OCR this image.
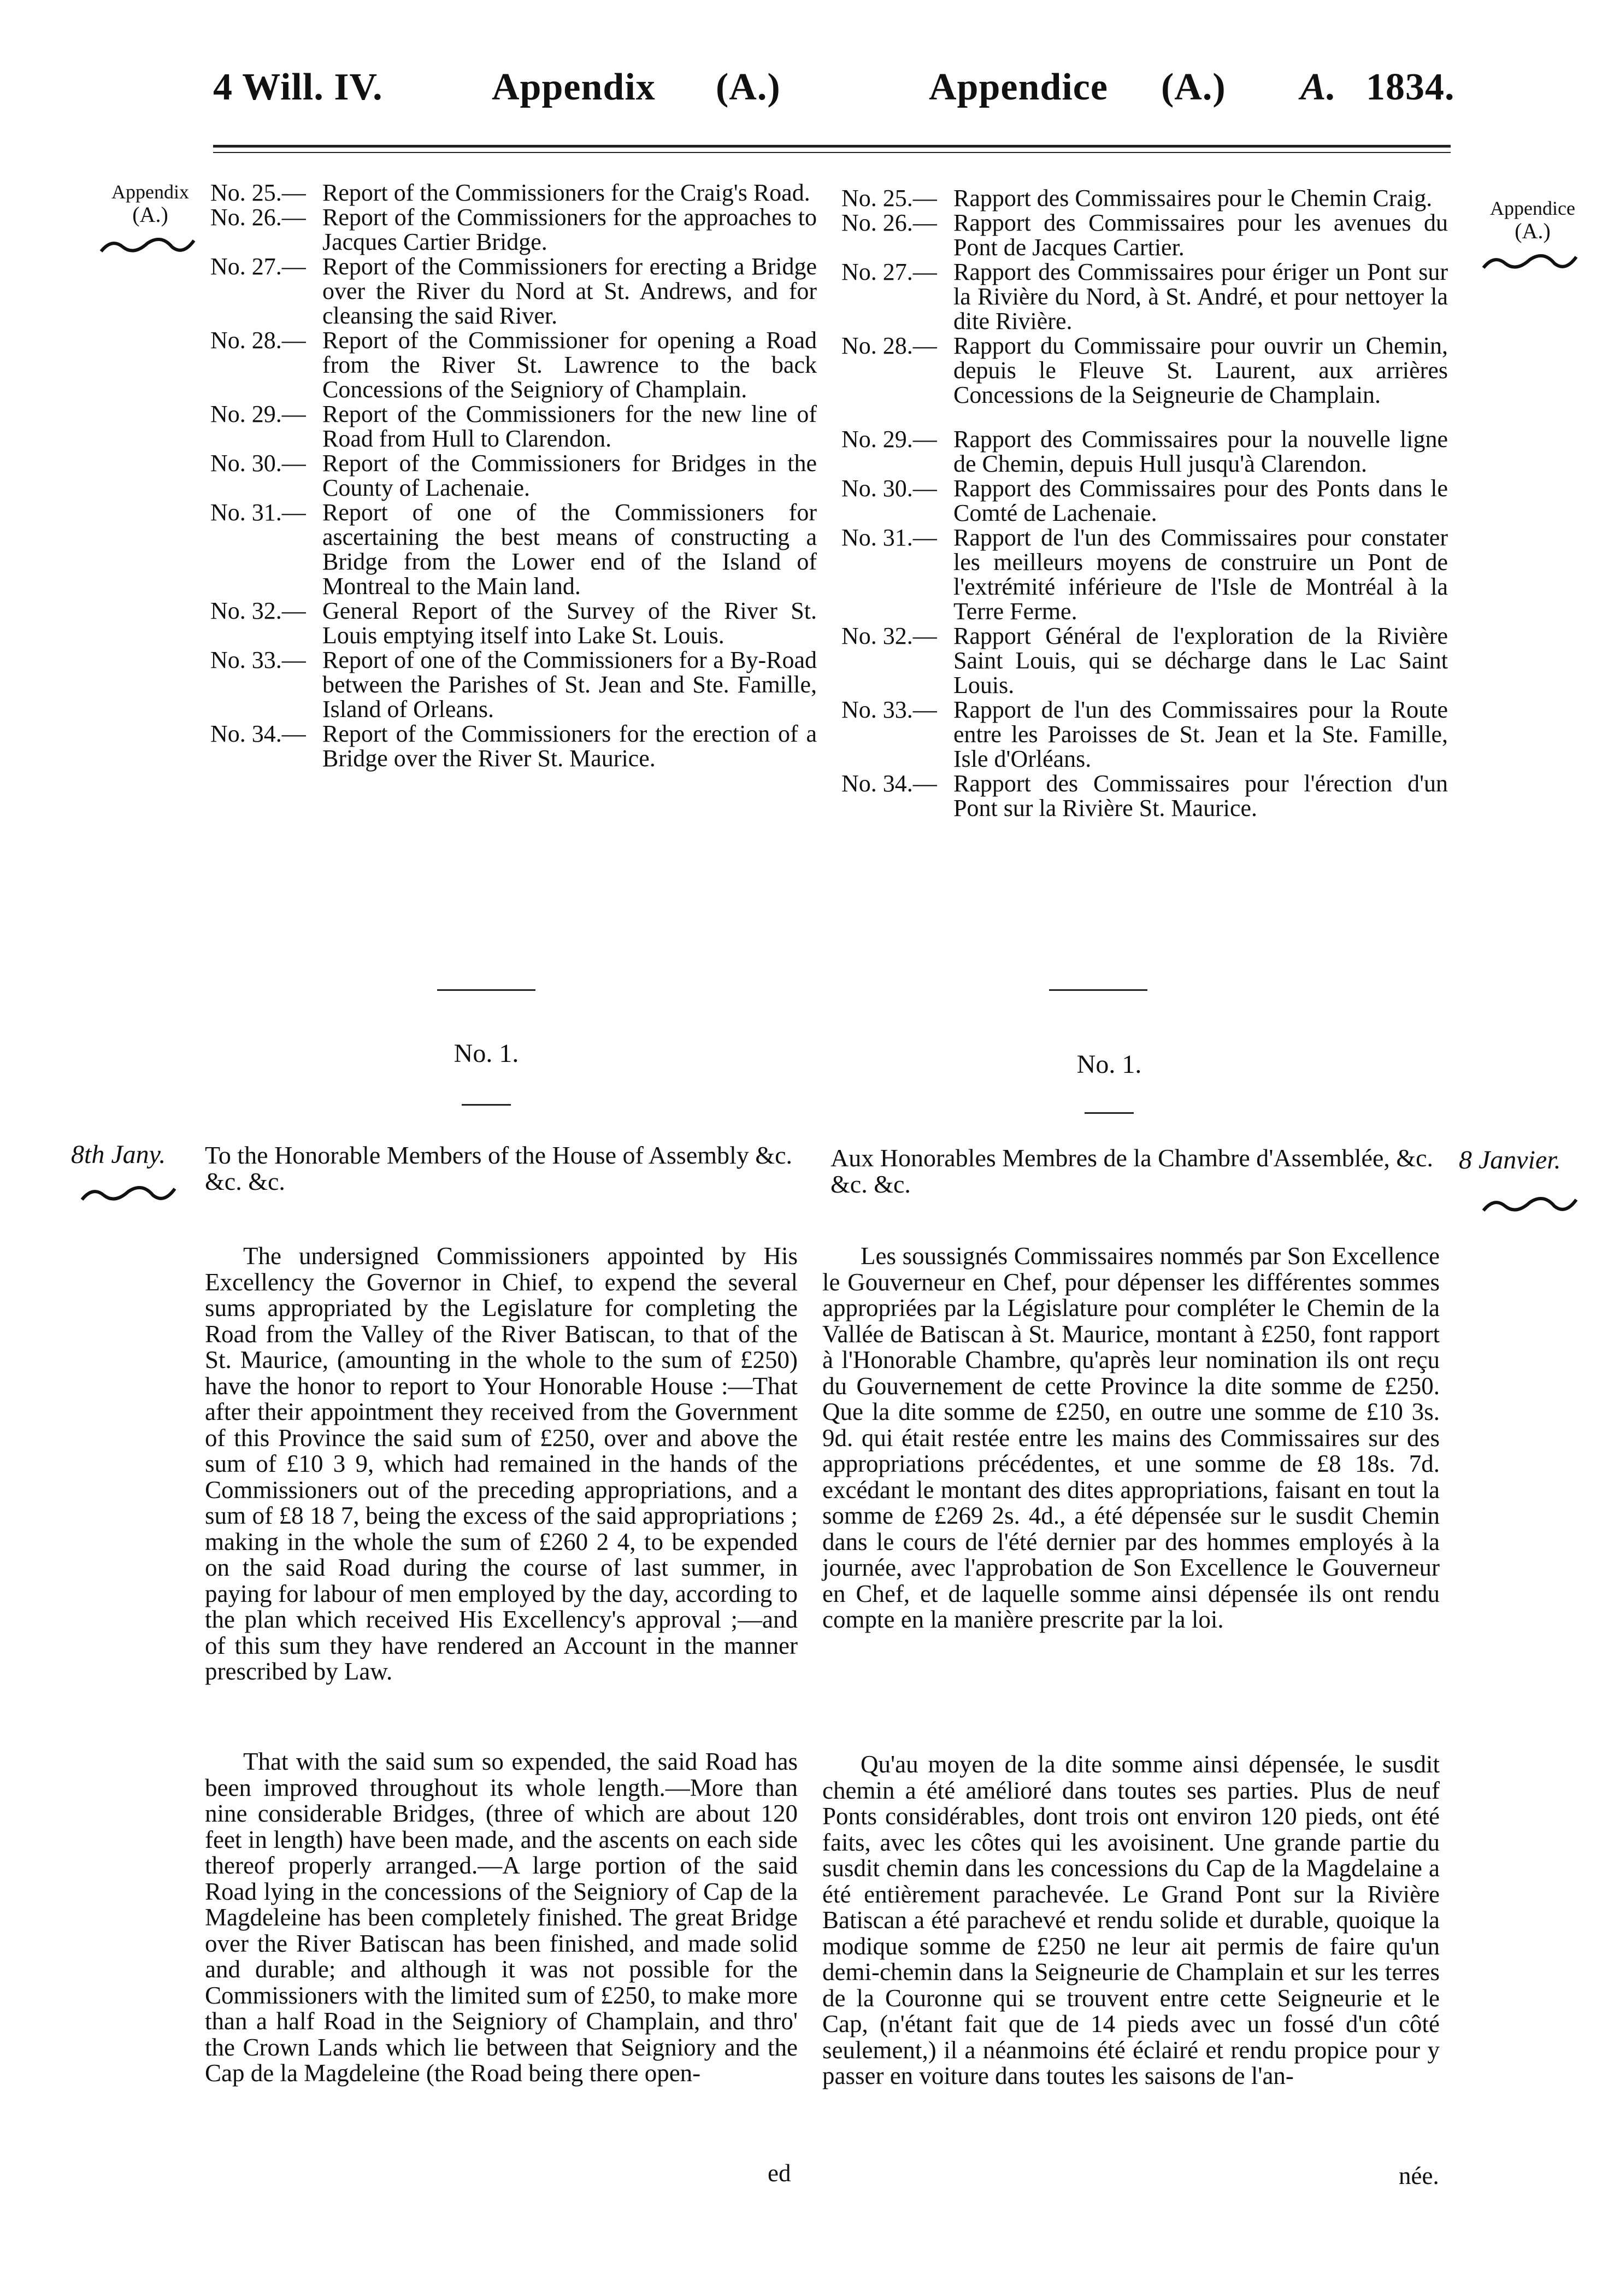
4 Will. IV.	Appendix (A.)	Appendice (A.) A. 1834.
Appendix
(A.)	Appendice
(A.)

No. 25.— Report of the Commissioners for the Craig's Road.

No. 26.— Report of the Commissioners for the approaches to Jacques Cartier Bridge.

No. 27.— Report of the Commissioners for erecting a Bridge over the River du Nord at St. Andrews, and for cleansing the said River.

No. 28.— Report of the Commissioner for opening a Road from the River St. Lawrence to the back Concessions of the Seigniory of Champlain.

No. 29.— Report of the Commissioners for the new line of Road from Hull to Clarendon.

No. 30.— Report of the Commissioners for Bridges in the County of Lachenaie.

No. 31.— Report of one of the Commissioners for ascertaining the best means of constructing a Bridge from the Lower end of the Island of Montreal to the Main land.

No. 32.— General Report of the Survey of the River St. Louis emptying itself into Lake St. Louis.

No. 33.— Report of one of the Commissioners for a By-Road between the Parishes of St. Jean and Ste. Famille, Island of Orleans.

No. 34.— Report of the Commissioners for the erection of a Bridge over the River St. Maurice.

No. 25.— Rapport des Commissaires pour le Chemin Craig.

No. 26.— Rapport des Commissaires pour les avenues du Pont de Jacques Cartier.

No. 27.— Rapport des Commissaires pour ériger un Pont sur la Rivière du Nord, à St. André, et pour nettoyer la dite Rivière.

No. 28.— Rapport du Commissaire pour ouvrir un Chemin, depuis le Fleuve St. Laurent, aux arrières Concessions de la Seigneurie de Champlain.

No. 29.— Rapport des Commissaires pour la nouvelle ligne de Chemin, depuis Hull jusqu'à Clarendon.

No. 30.— Rapport des Commissaires pour des Ponts dans le Comté de Lachenaie.

No. 31.— Rapport de l'un des Commissaires pour constater les meilleurs moyens de construire un Pont de l'extrémité inférieure de l'Isle de Montréal à la Terre Ferme.

No. 32.— Rapport Général de l'exploration de la Rivière Saint Louis, qui se décharge dans le Lac Saint Louis.

No. 33.— Rapport de l'un des Commissaires pour la Route entre les Paroisses de St. Jean et la Ste. Famille, Isle d'Orléans.

No. 34.— Rapport des Commissaires pour l'érection d'un Pont sur la Rivière St. Maurice.

No. 1.	No. 1.
8th Jany.	8 Janvier.
To the Honorable Members of the House of Assembly &c. &c. &c.
Aux Honorables Membres de la Chambre d'Assemblée, &c. &c. &c.
The undersigned Commissioners appointed by His Excellency the Governor in Chief, to expend the several sums appropriated by the Legislature for completing the Road from the Valley of the River Batiscan, to that of the St. Maurice, (amounting in the whole to the sum of £250) have the honor to report to Your Honorable House :—That after their appointment they received from the Government of this Province the said sum of £250, over and above the sum of £10 3 9, which had remained in the hands of the Commissioners out of the preceding appropriations, and a sum of £8 18 7, being the excess of the said appropriations ; making in the whole the sum of £260 2 4, to be expended on the said Road during the course of last summer, in paying for labour of men employed by the day, according to the plan which received His Excellency's approval ;—and of this sum they have rendered an Account in the manner prescribed by Law.
That with the said sum so expended, the said Road has been improved throughout its whole length.—More than nine considerable Bridges, (three of which are about 120 feet in length) have been made, and the ascents on each side thereof properly arranged.—A large portion of the said Road lying in the concessions of the Seigniory of Cap de la Magdeleine has been completely finished. The great Bridge over the River Batiscan has been finished, and made solid and durable; and although it was not possible for the Commissioners with the limited sum of £250, to make more than a half Road in the Seigniory of Champlain, and thro' the Crown Lands which lie between that Seigniory and the Cap de la Magdeleine (the Road being there open-
ed
Les soussignés Commissaires nommés par Son Excellence le Gouverneur en Chef, pour dépenser les différentes sommes appropriées par la Législature pour compléter le Chemin de la Vallée de Batiscan à St. Maurice, montant à £250, font rapport à l'Honorable Chambre, qu'après leur nomination ils ont reçu du Gouvernement de cette Province la dite somme de £250. Que la dite somme de £250, en outre une somme de £10 3s. 9d. qui était restée entre les mains des Commissaires sur des appropriations précédentes, et une somme de £8 18s. 7d. excédant le montant des dites appropriations, faisant en tout la somme de £269 2s. 4d., a été dépensée sur le susdit Chemin dans le cours de l'été dernier par des hommes employés à la journée, avec l'approbation de Son Excellence le Gouverneur en Chef, et de laquelle somme ainsi dépensée ils ont rendu compte en la manière prescrite par la loi.
Qu'au moyen de la dite somme ainsi dépensée, le susdit chemin a été amélioré dans toutes ses parties. Plus de neuf Ponts considérables, dont trois ont environ 120 pieds, ont été faits, avec les côtes qui les avoisinent. Une grande partie du susdit chemin dans les concessions du Cap de la Magdelaine a été entièrement parachevée. Le Grand Pont sur la Rivière Batiscan a été parachevé et rendu solide et durable, quoique la modique somme de £250 ne leur ait permis de faire qu'un demi-chemin dans la Seigneurie de Champlain et sur les terres de la Couronne qui se trouvent entre cette Seigneurie et le Cap, (n'étant fait que de 14 pieds avec un fossé d'un côté seulement,) il a néanmoins été éclairé et rendu propice pour y passer en voiture dans toutes les saisons de l'an-
née.
